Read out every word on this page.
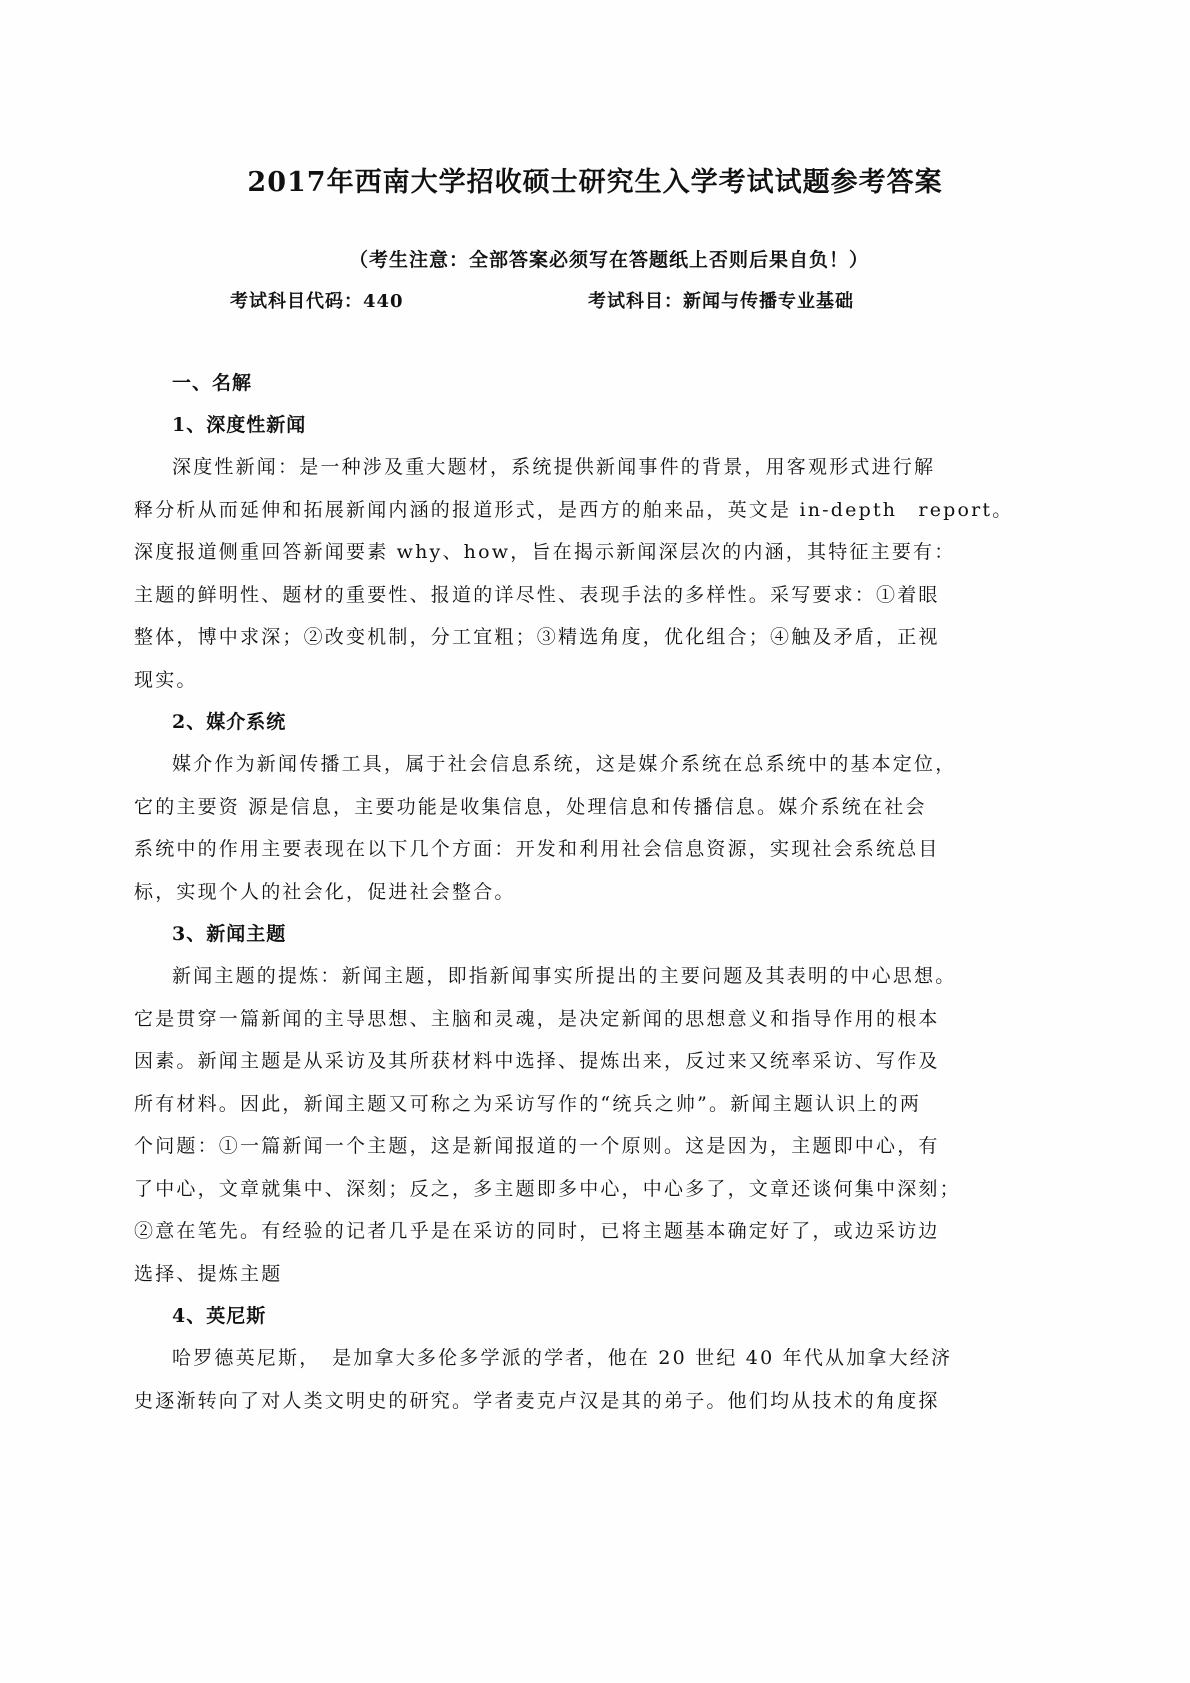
2017年西南大学招收硕士研究生入学考试试题参考答案
（考生注意：全部答案必须写在答题纸上否则后果自负！）
考试科目代码：440	考试科目：新闻与传播专业基础
一、名解
1、深度性新闻
深度性新闻：是一种涉及重大题材，系统提供新闻事件的背景，用客观形式进行解
释分析从而延伸和拓展新闻内涵的报道形式，是西方的舶来品，英文是 in-depth　report。
深度报道侧重回答新闻要素 why、how，旨在揭示新闻深层次的内涵，其特征主要有：
主题的鲜明性、题材的重要性、报道的详尽性、表现手法的多样性。采写要求：①着眼
整体，博中求深；②改变机制，分工宜粗；③精选角度，优化组合；④触及矛盾，正视
现实。
2、媒介系统
媒介作为新闻传播工具，属于社会信息系统，这是媒介系统在总系统中的基本定位，
它的主要资 源是信息，主要功能是收集信息，处理信息和传播信息。媒介系统在社会
系统中的作用主要表现在以下几个方面：开发和利用社会信息资源，实现社会系统总目
标，实现个人的社会化，促进社会整合。
3、新闻主题
新闻主题的提炼：新闻主题，即指新闻事实所提出的主要问题及其表明的中心思想。
它是贯穿一篇新闻的主导思想、主脑和灵魂，是决定新闻的思想意义和指导作用的根本
因素。新闻主题是从采访及其所获材料中选择、提炼出来，反过来又统率采访、写作及
所有材料。因此，新闻主题又可称之为采访写作的“统兵之帅”。新闻主题认识上的两
个问题：①一篇新闻一个主题，这是新闻报道的一个原则。这是因为，主题即中心，有
了中心，文章就集中、深刻；反之，多主题即多中心，中心多了，文章还谈何集中深刻；
②意在笔先。有经验的记者几乎是在采访的同时，已将主题基本确定好了，或边采访边
选择、提炼主题
4、英尼斯
哈罗德英尼斯，　是加拿大多伦多学派的学者，他在 20 世纪 40 年代从加拿大经济
史逐渐转向了对人类文明史的研究。学者麦克卢汉是其的弟子。他们均从技术的角度探
